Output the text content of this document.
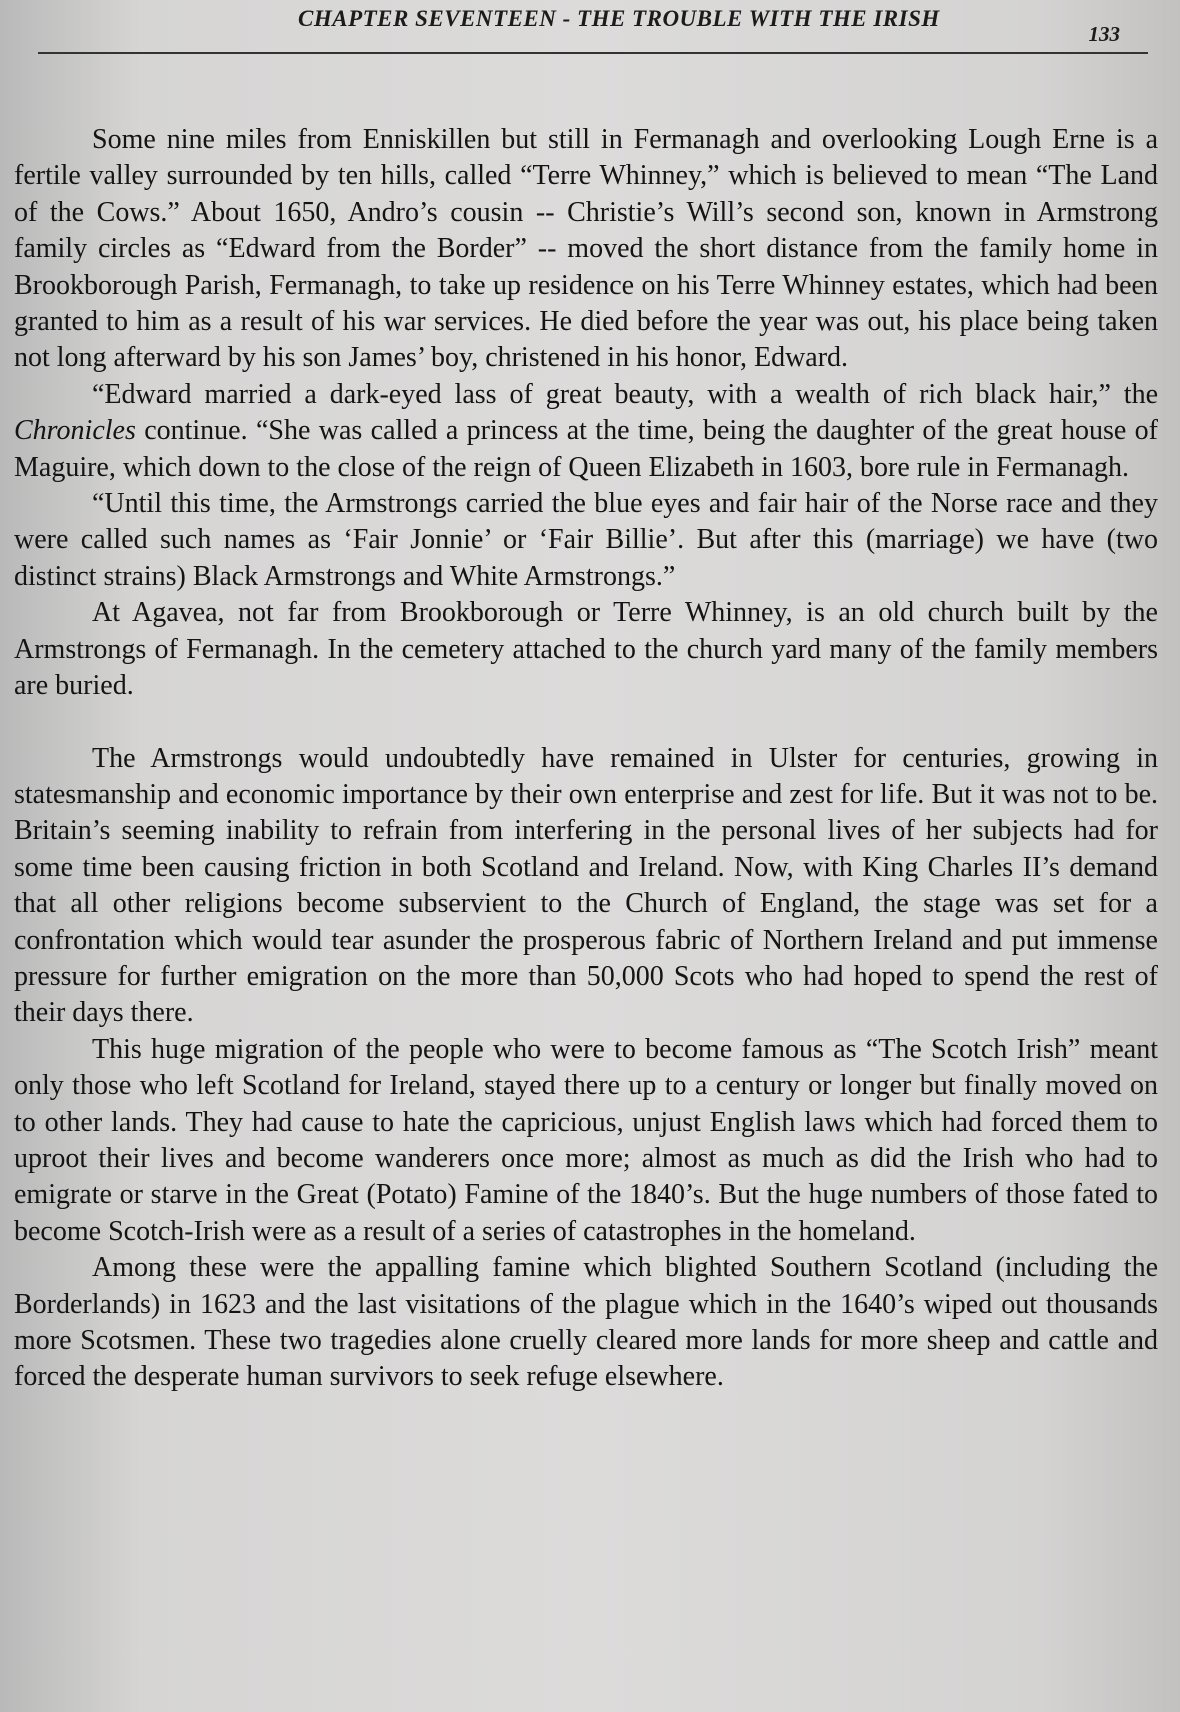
CHAPTER SEVENTEEN - THE TROUBLE WITH THE IRISH
133

Some nine miles from Enniskillen but still in Fermanagh and overlooking Lough Erne is a fertile valley surrounded by ten hills, called “Terre Whinney,” which is believed to mean “The Land of the Cows.” About 1650, Andro’s cousin -- Christie’s Will’s second son, known in Armstrong family circles as “Edward from the Border” -- moved the short distance from the family home in Brookborough Parish, Fermanagh, to take up residence on his Terre Whinney estates, which had been granted to him as a result of his war services. He died before the year was out, his place being taken not long afterward by his son James’ boy, christened in his honor, Edward.

“Edward married a dark-eyed lass of great beauty, with a wealth of rich black hair,” the Chronicles continue. “She was called a princess at the time, being the daughter of the great house of Maguire, which down to the close of the reign of Queen Elizabeth in 1603, bore rule in Fermanagh.

“Until this time, the Armstrongs carried the blue eyes and fair hair of the Norse race and they were called such names as ‘Fair Jonnie’ or ‘Fair Billie’. But after this (marriage) we have (two distinct strains) Black Armstrongs and White Armstrongs.”

At Agavea, not far from Brookborough or Terre Whinney, is an old church built by the Armstrongs of Fermanagh. In the cemetery attached to the church yard many of the family members are buried.

The Armstrongs would undoubtedly have remained in Ulster for centuries, growing in statesmanship and economic importance by their own enterprise and zest for life. But it was not to be. Britain’s seeming inability to refrain from interfering in the personal lives of her subjects had for some time been causing friction in both Scotland and Ireland. Now, with King Charles II’s demand that all other religions become subservient to the Church of England, the stage was set for a confrontation which would tear asunder the prosperous fabric of Northern Ireland and put immense pressure for further emigration on the more than 50,000 Scots who had hoped to spend the rest of their days there.

This huge migration of the people who were to become famous as “The Scotch Irish” meant only those who left Scotland for Ireland, stayed there up to a century or longer but finally moved on to other lands. They had cause to hate the capricious, unjust English laws which had forced them to uproot their lives and become wanderers once more; almost as much as did the Irish who had to emigrate or starve in the Great (Potato) Famine of the 1840’s. But the huge numbers of those fated to become Scotch-Irish were as a result of a series of catastrophes in the homeland.

Among these were the appalling famine which blighted Southern Scotland (including the Borderlands) in 1623 and the last visitations of the plague which in the 1640’s wiped out thousands more Scotsmen. These two tragedies alone cruelly cleared more lands for more sheep and cattle and forced the desperate human survivors to seek refuge elsewhere.
